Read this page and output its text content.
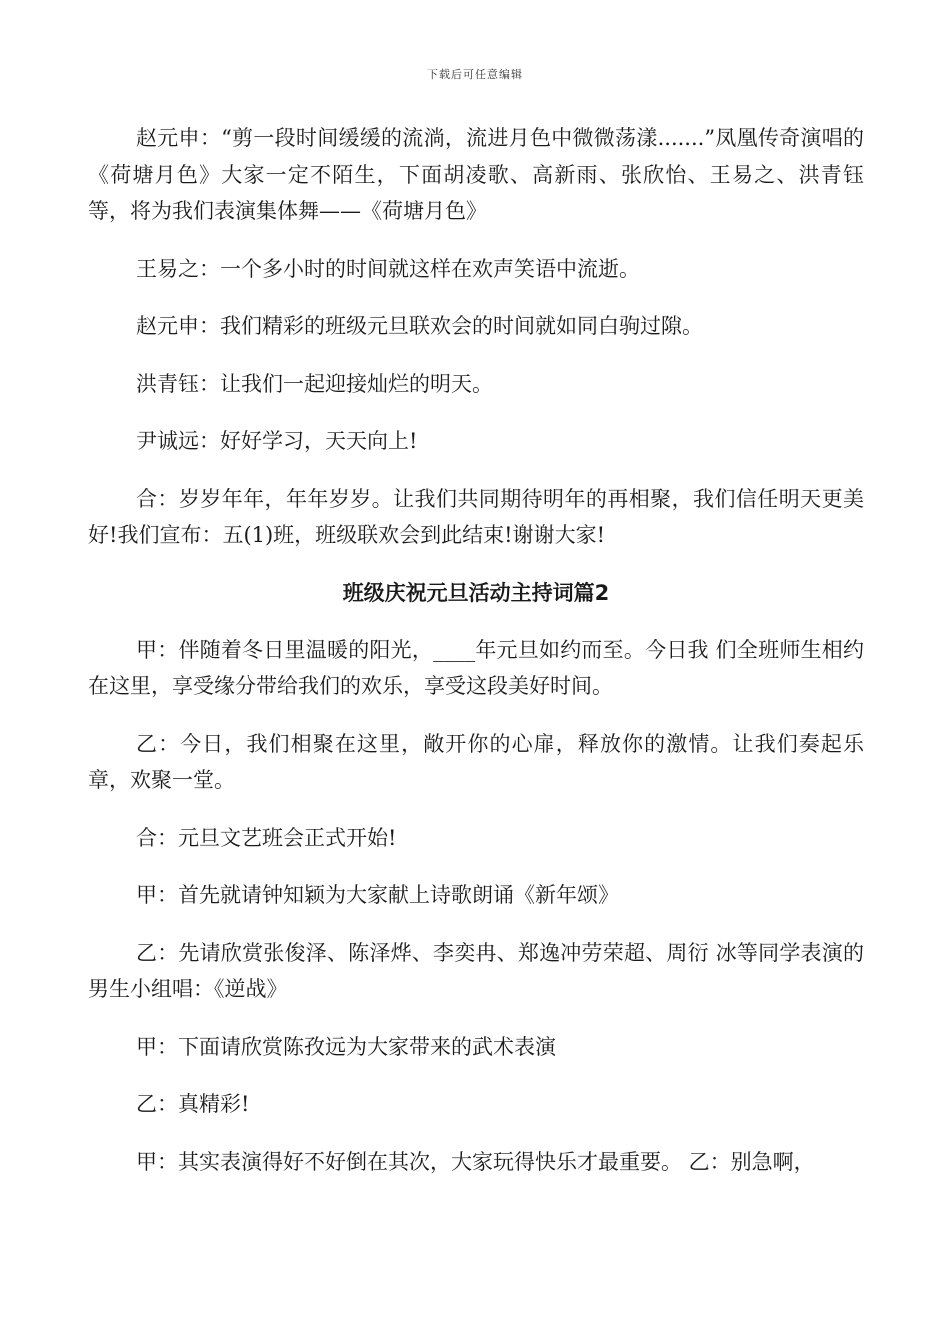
下载后可任意编辑

赵元申：“剪一段时间缓缓的流淌，流进月色中微微荡漾.......”凤凰传奇演唱的《荷塘月色》大家一定不陌生，下面胡凌歌、高新雨、张欣怡、王易之、洪青钰等，将为我们表演集体舞——《荷塘月色》

王易之：一个多小时的时间就这样在欢声笑语中流逝。

赵元申：我们精彩的班级元旦联欢会的时间就如同白驹过隙。

洪青钰：让我们一起迎接灿烂的明天。

尹诚远：好好学习，天天向上!

合：岁岁年年，年年岁岁。让我们共同期待明年的再相聚，我们信任明天更美好!我们宣布：五(1)班，班级联欢会到此结束!谢谢大家!

班级庆祝元旦活动主持词篇2

甲：伴随着冬日里温暖的阳光，____年元旦如约而至。今日我 们全班师生相约在这里，享受缘分带给我们的欢乐，享受这段美好时间。

乙：今日，我们相聚在这里，敞开你的心扉，释放你的激情。让我们奏起乐章，欢聚一堂。

合：元旦文艺班会正式开始!

甲：首先就请钟知颖为大家献上诗歌朗诵《新年颂》

乙：先请欣赏张俊泽、陈泽烨、李奕冉、郑逸冲劳荣超、周衍 冰等同学表演的男生小组唱：《逆战》

甲：下面请欣赏陈孜远为大家带来的武术表演

乙：真精彩!

甲：其实表演得好不好倒在其次，大家玩得快乐才最重要。 乙：别急啊，
